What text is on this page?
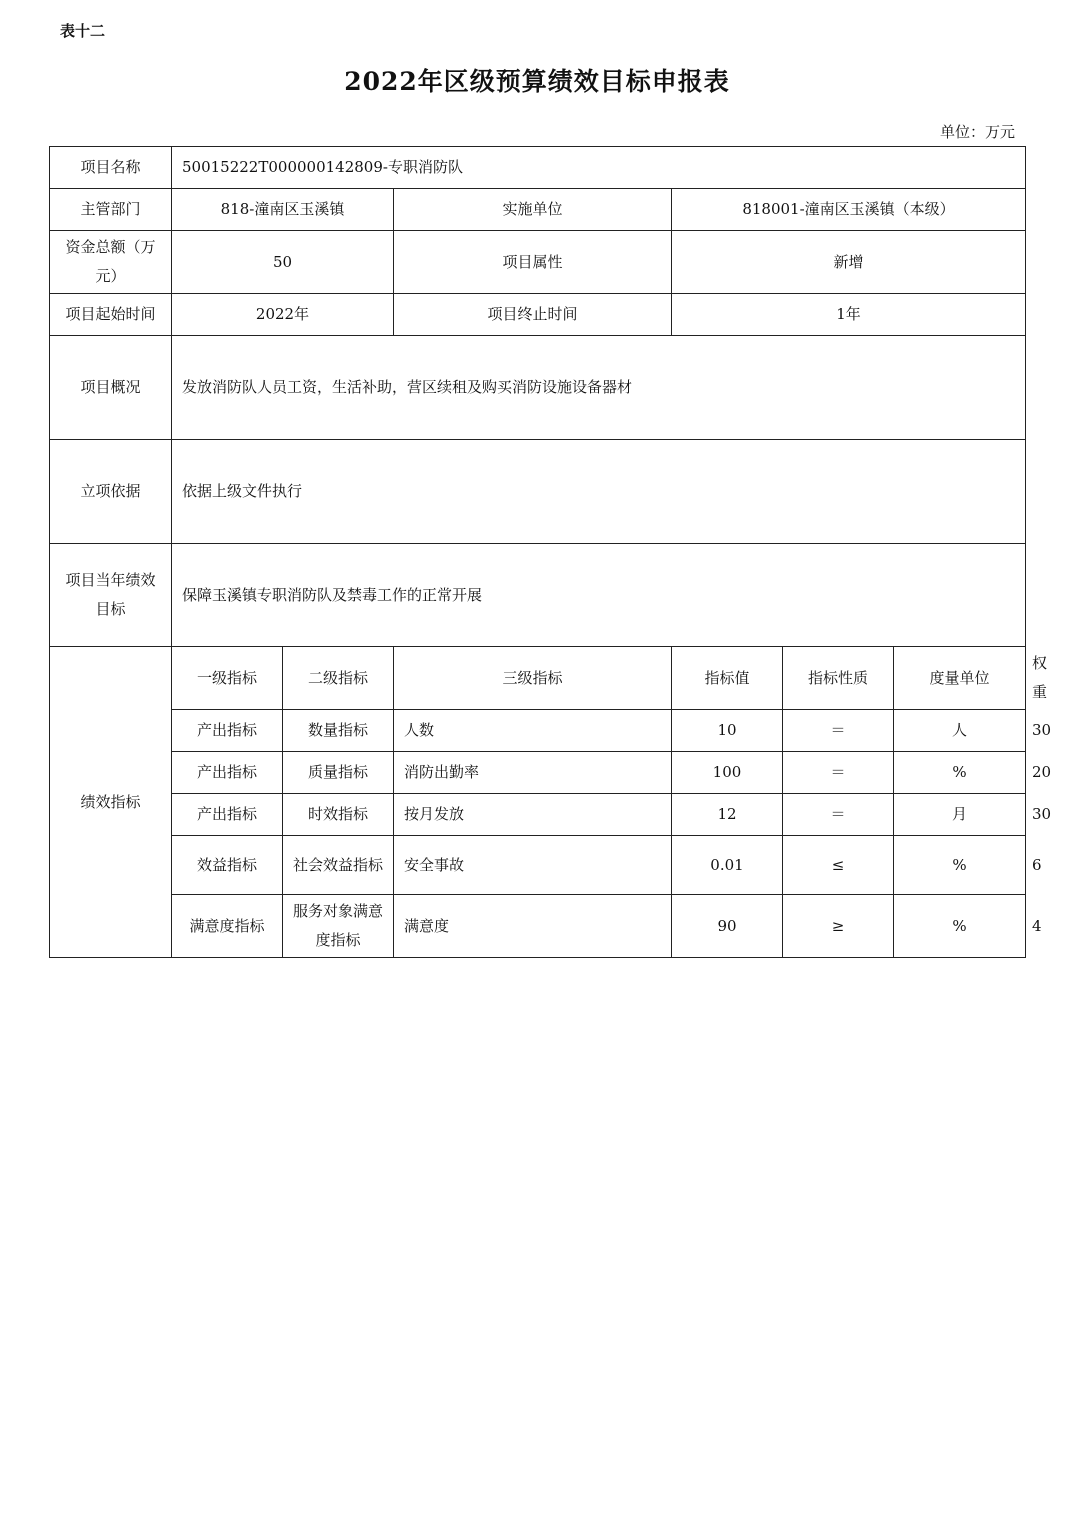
表十二
2022年区级预算绩效目标申报表
单位：万元
项目名称	50015222T000000142809-专职消防队						
主管部门	818-潼南区玉溪镇		实施单位	818001-潼南区玉溪镇（本级）			
资金总额（万元）	50		项目属性	新增			
项目起始时间	2022年		项目终止时间	1年			
项目概况	发放消防队人员工资，生活补助，营区续租及购买消防设施设备器材						
立项依据	依据上级文件执行						
项目当年绩效目标	保障玉溪镇专职消防队及禁毒工作的正常开展						
绩效指标	一级指标	二级指标	三级指标	指标值	指标性质	度量单位	权重
	产出指标	数量指标	人数	10	＝	人	30
	产出指标	质量指标	消防出勤率	100	＝	%	20
	产出指标	时效指标	按月发放	12	＝	月	30
	效益指标	社会效益指标	安全事故	0.01	≤	%	6
	满意度指标	服务对象满意度指标	满意度	90	≥	%	4
